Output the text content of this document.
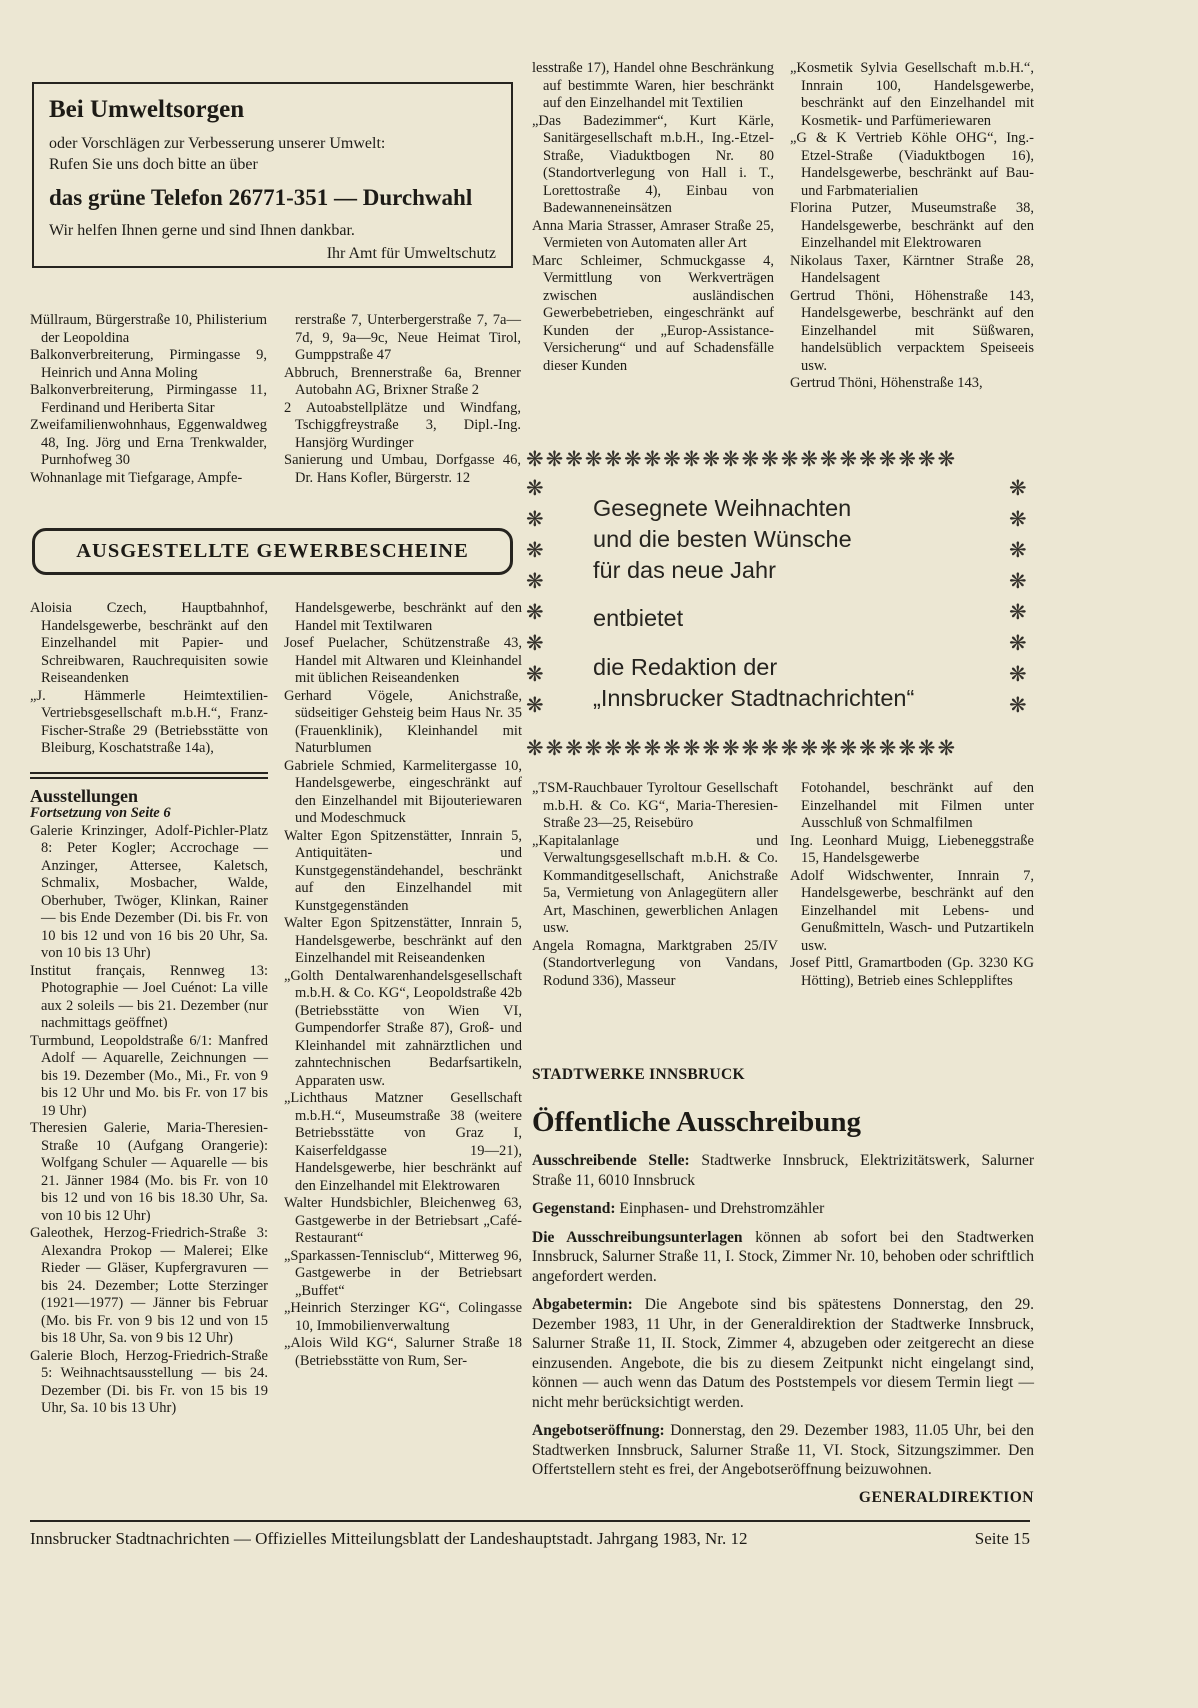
lesstraße 17), Handel ohne Beschränkung auf bestimmte Waren, hier beschränkt auf den Einzelhandel mit Textilien

„Das Badezimmer“, Kurt Kärle, Sanitärgesellschaft m.b.H., Ing.-Etzel-Straße, Viaduktbogen Nr. 80 (Standortverlegung von Hall i. T., Lorettostraße 4), Einbau von Badewanneneinsätzen

Anna Maria Strasser, Amraser Straße 25, Vermieten von Automaten aller Art

Marc Schleimer, Schmuckgasse 4, Vermittlung von Werkverträgen zwischen ausländischen Gewerbebetrieben, eingeschränkt auf Kunden der „Europ-Assistance-Versicherung“ und auf Schadensfälle dieser Kunden

„Kosmetik Sylvia Gesellschaft m.b.H.“, Innrain 100, Handelsgewerbe, beschränkt auf den Einzelhandel mit Kosmetik- und Parfümeriewaren

„G & K Vertrieb Köhle OHG“, Ing.-Etzel-Straße (Viaduktbogen 16), Handelsgewerbe, beschränkt auf Bau- und Farbmaterialien

Florina Putzer, Museumstraße 38, Handelsgewerbe, beschränkt auf den Einzelhandel mit Elektrowaren

Nikolaus Taxer, Kärntner Straße 28, Handelsagent

Gertrud Thöni, Höhenstraße 143, Handelsgewerbe, beschränkt auf den Einzelhandel mit Süßwaren, handelsüblich verpacktem Speiseeis usw.

Gertrud Thöni, Höhenstraße 143,

Bei Umweltsorgen

oder Vorschlägen zur Verbesserung unserer Umwelt:

Rufen Sie uns doch bitte an über

das grüne Telefon 26771-351 — Durchwahl

Wir helfen Ihnen gerne und sind Ihnen dankbar.

Ihr Amt für Umweltschutz

Müllraum, Bürgerstraße 10, Philisterium der Leopoldina

Balkonverbreiterung, Pirmingasse 9, Heinrich und Anna Moling

Balkonverbreiterung, Pirmingasse 11, Ferdinand und Heriberta Sitar

Zweifamilienwohnhaus, Eggenwaldweg 48, Ing. Jörg und Erna Trenkwalder, Purnhofweg 30

Wohnanlage mit Tiefgarage, Ampfe-

rerstraße 7, Unterbergerstraße 7, 7a—7d, 9, 9a—9c, Neue Heimat Tirol, Gumppstraße 47

Abbruch, Brennerstraße 6a, Brenner Autobahn AG, Brixner Straße 2

2 Autoabstellplätze und Windfang, Tschiggfreystraße 3, Dipl.-Ing. Hansjörg Wurdinger

Sanierung und Umbau, Dorfgasse 46, Dr. Hans Kofler, Bürgerstr. 12

AUSGESTELLTE GEWERBESCHEINE

Aloisia Czech, Hauptbahnhof, Handelsgewerbe, beschränkt auf den Einzelhandel mit Papier- und Schreibwaren, Rauchrequisiten sowie Reiseandenken

„J. Hämmerle Heimtextilien-Vertriebsgesellschaft m.b.H.“, Franz-Fischer-Straße 29 (Betriebsstätte von Bleiburg, Koschatstraße 14a),

Ausstellungen

Fortsetzung von Seite 6

Galerie Krinzinger, Adolf-Pichler-Platz 8: Peter Kogler; Accrochage — Anzinger, Attersee, Kaletsch, Schmalix, Mosbacher, Walde, Oberhuber, Twöger, Klinkan, Rainer — bis Ende Dezember (Di. bis Fr. von 10 bis 12 und von 16 bis 20 Uhr, Sa. von 10 bis 13 Uhr)

Institut français, Rennweg 13: Photographie — Joel Cuénot: La ville aux 2 soleils — bis 21. Dezember (nur nachmittags geöffnet)

Turmbund, Leopoldstraße 6/1: Manfred Adolf — Aquarelle, Zeichnungen — bis 19. Dezember (Mo., Mi., Fr. von 9 bis 12 Uhr und Mo. bis Fr. von 17 bis 19 Uhr)

Theresien Galerie, Maria-Theresien-Straße 10 (Aufgang Orangerie): Wolfgang Schuler — Aquarelle — bis 21. Jänner 1984 (Mo. bis Fr. von 10 bis 12 und von 16 bis 18.30 Uhr, Sa. von 10 bis 12 Uhr)

Galeothek, Herzog-Friedrich-Straße 3: Alexandra Prokop — Malerei; Elke Rieder — Gläser, Kupfergravuren — bis 24. Dezember; Lotte Sterzinger (1921—1977) — Jänner bis Februar (Mo. bis Fr. von 9 bis 12 und von 15 bis 18 Uhr, Sa. von 9 bis 12 Uhr)

Galerie Bloch, Herzog-Friedrich-Straße 5: Weihnachtsausstellung — bis 24. Dezember (Di. bis Fr. von 15 bis 19 Uhr, Sa. 10 bis 13 Uhr)

Handelsgewerbe, beschränkt auf den Handel mit Textilwaren

Josef Puelacher, Schützenstraße 43, Handel mit Altwaren und Kleinhandel mit üblichen Reiseandenken

Gerhard Vögele, Anichstraße, südseitiger Gehsteig beim Haus Nr. 35 (Frauenklinik), Kleinhandel mit Naturblumen

Gabriele Schmied, Karmelitergasse 10, Handelsgewerbe, eingeschränkt auf den Einzelhandel mit Bijouteriewaren und Modeschmuck

Walter Egon Spitzenstätter, Innrain 5, Antiquitäten- und Kunstgegenständehandel, beschränkt auf den Einzelhandel mit Kunstgegenständen

Walter Egon Spitzenstätter, Innrain 5, Handelsgewerbe, beschränkt auf den Einzelhandel mit Reiseandenken

„Golth Dentalwarenhandelsgesellschaft m.b.H. & Co. KG“, Leopoldstraße 42b (Betriebsstätte von Wien VI, Gumpendorfer Straße 87), Groß- und Kleinhandel mit zahnärztlichen und zahntechnischen Bedarfsartikeln, Apparaten usw.

„Lichthaus Matzner Gesellschaft m.b.H.“, Museumstraße 38 (weitere Betriebsstätte von Graz I, Kaiserfeldgasse 19—21), Handelsgewerbe, hier beschränkt auf den Einzelhandel mit Elektrowaren

Walter Hundsbichler, Bleichenweg 63, Gastgewerbe in der Betriebsart „Café-Restaurant“

„Sparkassen-Tennisclub“, Mitterweg 96, Gastgewerbe in der Betriebsart „Buffet“

„Heinrich Sterzinger KG“, Colingasse 10, Immobilienverwaltung

„Alois Wild KG“, Salurner Straße 18 (Betriebsstätte von Rum, Ser-

❋❋❋❋❋❋❋❋❋❋❋❋❋❋❋❋❋❋❋❋❋❋
❋❋❋❋❋❋❋❋

Gesegnete Weihnachten

und die besten Wünsche

für das neue Jahr

entbietet

die Redaktion der

„Innsbrucker Stadtnachrichten“

❋❋❋❋❋❋❋❋
❋❋❋❋❋❋❋❋❋❋❋❋❋❋❋❋❋❋❋❋❋❋

„TSM-Rauchbauer Tyroltour Gesellschaft m.b.H. & Co. KG“, Maria-Theresien-Straße 23—25, Reisebüro

„Kapitalanlage und Verwaltungsgesellschaft m.b.H. & Co. Kommanditgesellschaft, Anichstraße 5a, Vermietung von Anlagegütern aller Art, Maschinen, gewerblichen Anlagen usw.

Angela Romagna, Marktgraben 25/IV (Standortverlegung von Vandans, Rodund 336), Masseur

Fotohandel, beschränkt auf den Einzelhandel mit Filmen unter Ausschluß von Schmalfilmen

Ing. Leonhard Muigg, Liebeneggstraße 15, Handelsgewerbe

Adolf Widschwenter, Innrain 7, Handelsgewerbe, beschränkt auf den Einzelhandel mit Lebens- und Genußmitteln, Wasch- und Putzartikeln usw.

Josef Pittl, Gramartboden (Gp. 3230 KG Hötting), Betrieb eines Schleppliftes

STADTWERKE INNSBRUCK

Öffentliche Ausschreibung

Ausschreibende Stelle: Stadtwerke Innsbruck, Elektrizitätswerk, Salurner Straße 11, 6010 Innsbruck

Gegenstand: Einphasen- und Drehstromzähler

Die Ausschreibungsunterlagen können ab sofort bei den Stadtwerken Innsbruck, Salurner Straße 11, I. Stock, Zimmer Nr. 10, behoben oder schriftlich angefordert werden.

Abgabetermin: Die Angebote sind bis spätestens Donnerstag, den 29. Dezember 1983, 11 Uhr, in der Generaldirektion der Stadtwerke Innsbruck, Salurner Straße 11, II. Stock, Zimmer 4, abzugeben oder zeitgerecht an diese einzusenden. Angebote, die bis zu diesem Zeitpunkt nicht eingelangt sind, können — auch wenn das Datum des Poststempels vor diesem Termin liegt — nicht mehr berücksichtigt werden.

Angebotseröffnung: Donnerstag, den 29. Dezember 1983, 11.05 Uhr, bei den Stadtwerken Innsbruck, Salurner Straße 11, VI. Stock, Sitzungszimmer. Den Offertstellern steht es frei, der Angebotseröffnung beizuwohnen.

GENERALDIREKTION

Innsbrucker Stadtnachrichten — Offizielles Mitteilungsblatt der Landeshauptstadt. Jahrgang 1983, Nr. 12	Seite 15
